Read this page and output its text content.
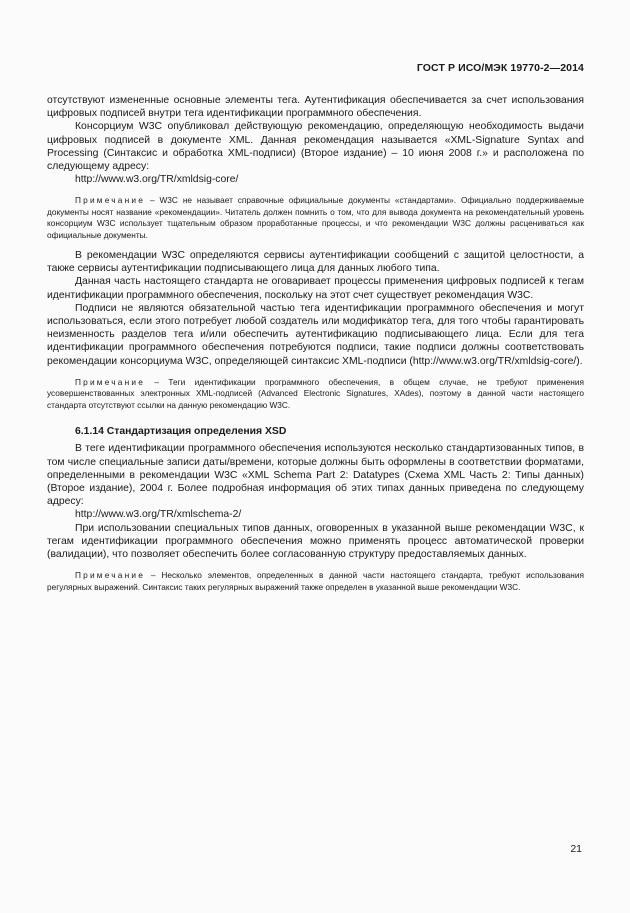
ГОСТ Р ИСО/МЭК 19770-2—2014

отсутствуют измененные основные элементы тега. Аутентификация обеспечивается за счет использования цифровых подписей внутри тега идентификации программного обеспечения.

Консорциум W3C опубликовал действующую рекомендацию, определяющую необходимость выдачи цифровых подписей в документе XML. Данная рекомендация называется «XML-Signature Syntax and Processing (Синтаксис и обработка XML-подписи) (Второе издание) – 10 июня 2008 г.» и расположена по следующему адресу:

http://www.w3.org/TR/xmldsig-core/

Примечание – W3C не называет справочные официальные документы «стандартами». Официально поддерживаемые документы носят название «рекомендации». Читатель должен помнить о том, что для вывода документа на рекомендательный уровень консорциум W3C использует тщательным образом проработанные процессы, и что рекомендации W3C должны расцениваться как официальные документы.

В рекомендации W3C определяются сервисы аутентификации сообщений с защитой целостности, а также сервисы аутентификации подписывающего лица для данных любого типа.

Данная часть настоящего стандарта не оговаривает процессы применения цифровых подписей к тегам идентификации программного обеспечения, поскольку на этот счет существует рекомендация W3C.

Подписи не являются обязательной частью тега идентификации программного обеспечения и могут использоваться, если этого потребует любой создатель или модификатор тега, для того чтобы гарантировать неизменность разделов тега и/или обеспечить аутентификацию подписывающего лица. Если для тега идентификации программного обеспечения потребуются подписи, такие подписи должны соответствовать рекомендации консорциума W3C, определяющей синтаксис XML-подписи (http://www.w3.org/TR/xmldsig-core/).

Примечание – Теги идентификации программного обеспечения, в общем случае, не требуют применения усовершенствованных электронных XML-подписей (Advanced Electronic Signatures, XAdes), поэтому в данной части настоящего стандарта отсутствуют ссылки на данную рекомендацию W3C.

6.1.14 Стандартизация определения XSD

В теге идентификации программного обеспечения используются несколько стандартизованных типов, в том числе специальные записи даты/времени, которые должны быть оформлены в соответствии форматами, определенными в рекомендации W3C «XML Schema Part 2: Datatypes (Схема XML Часть 2: Типы данных) (Второе издание), 2004 г. Более подробная информация об этих типах данных приведена по следующему адресу:

http://www.w3.org/TR/xmlschema-2/

При использовании специальных типов данных, оговоренных в указанной выше рекомендации W3C, к тегам идентификации программного обеспечения можно применять процесс автоматической проверки (валидации), что позволяет обеспечить более согласованную структуру предоставляемых данных.

Примечание – Несколько элементов, определенных в данной части настоящего стандарта, требуют использования регулярных выражений. Синтаксис таких регулярных выражений также определен в указанной выше рекомендации W3C.

21
